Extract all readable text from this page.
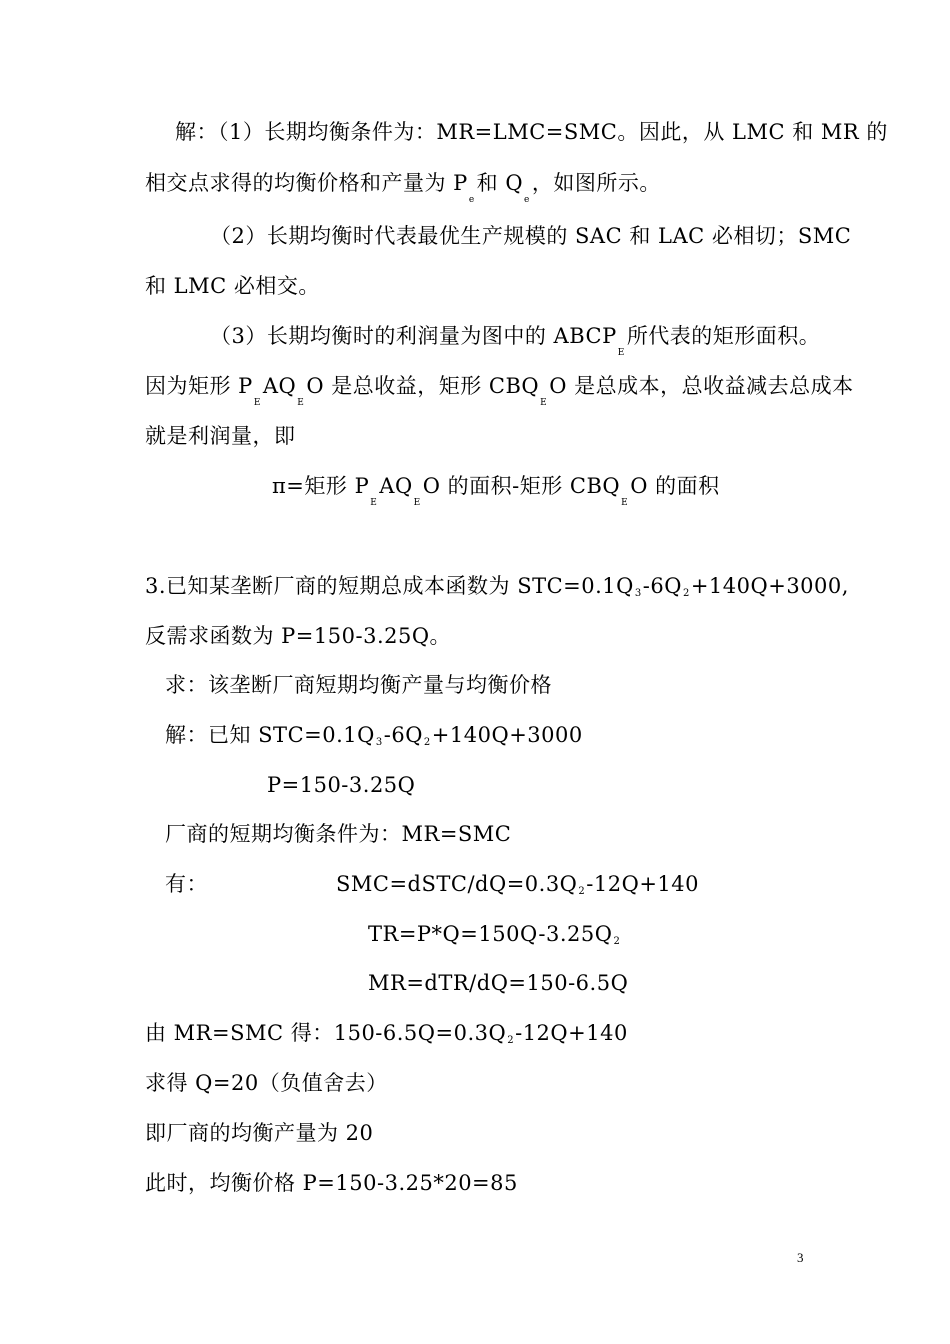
解：（1）长期均衡条件为：MR=LMC=SMC。因此，从 LMC 和 MR 的
相交点求得的均衡价格和产量为 Pe和 Qe，如图所示。
（2）长期均衡时代表最优生产规模的 SAC 和 LAC 必相切；SMC
和 LMC 必相交。
（3）长期均衡时的利润量为图中的 ABCPE所代表的矩形面积。
因为矩形 PEAQEO 是总收益，矩形 CBQEO 是总成本，总收益减去总成本
就是利润量，即
π=矩形 PEAQEO 的面积-矩形 CBQEO 的面积
3.已知某垄断厂商的短期总成本函数为 STC=0.1Q3-6Q2+140Q+3000,
反需求函数为 P=150-3.25Q。
求：该垄断厂商短期均衡产量与均衡价格
解：已知 STC=0.1Q3-6Q2+140Q+3000
P=150-3.25Q
厂商的短期均衡条件为：MR=SMC
有：	SMC=dSTC/dQ=0.3Q2-12Q+140
TR=P*Q=150Q-3.25Q2
MR=dTR/dQ=150-6.5Q
由 MR=SMC 得：150-6.5Q=0.3Q2-12Q+140
求得 Q=20（负值舍去）
即厂商的均衡产量为 20
此时，均衡价格 P=150-3.25*20=85
3
